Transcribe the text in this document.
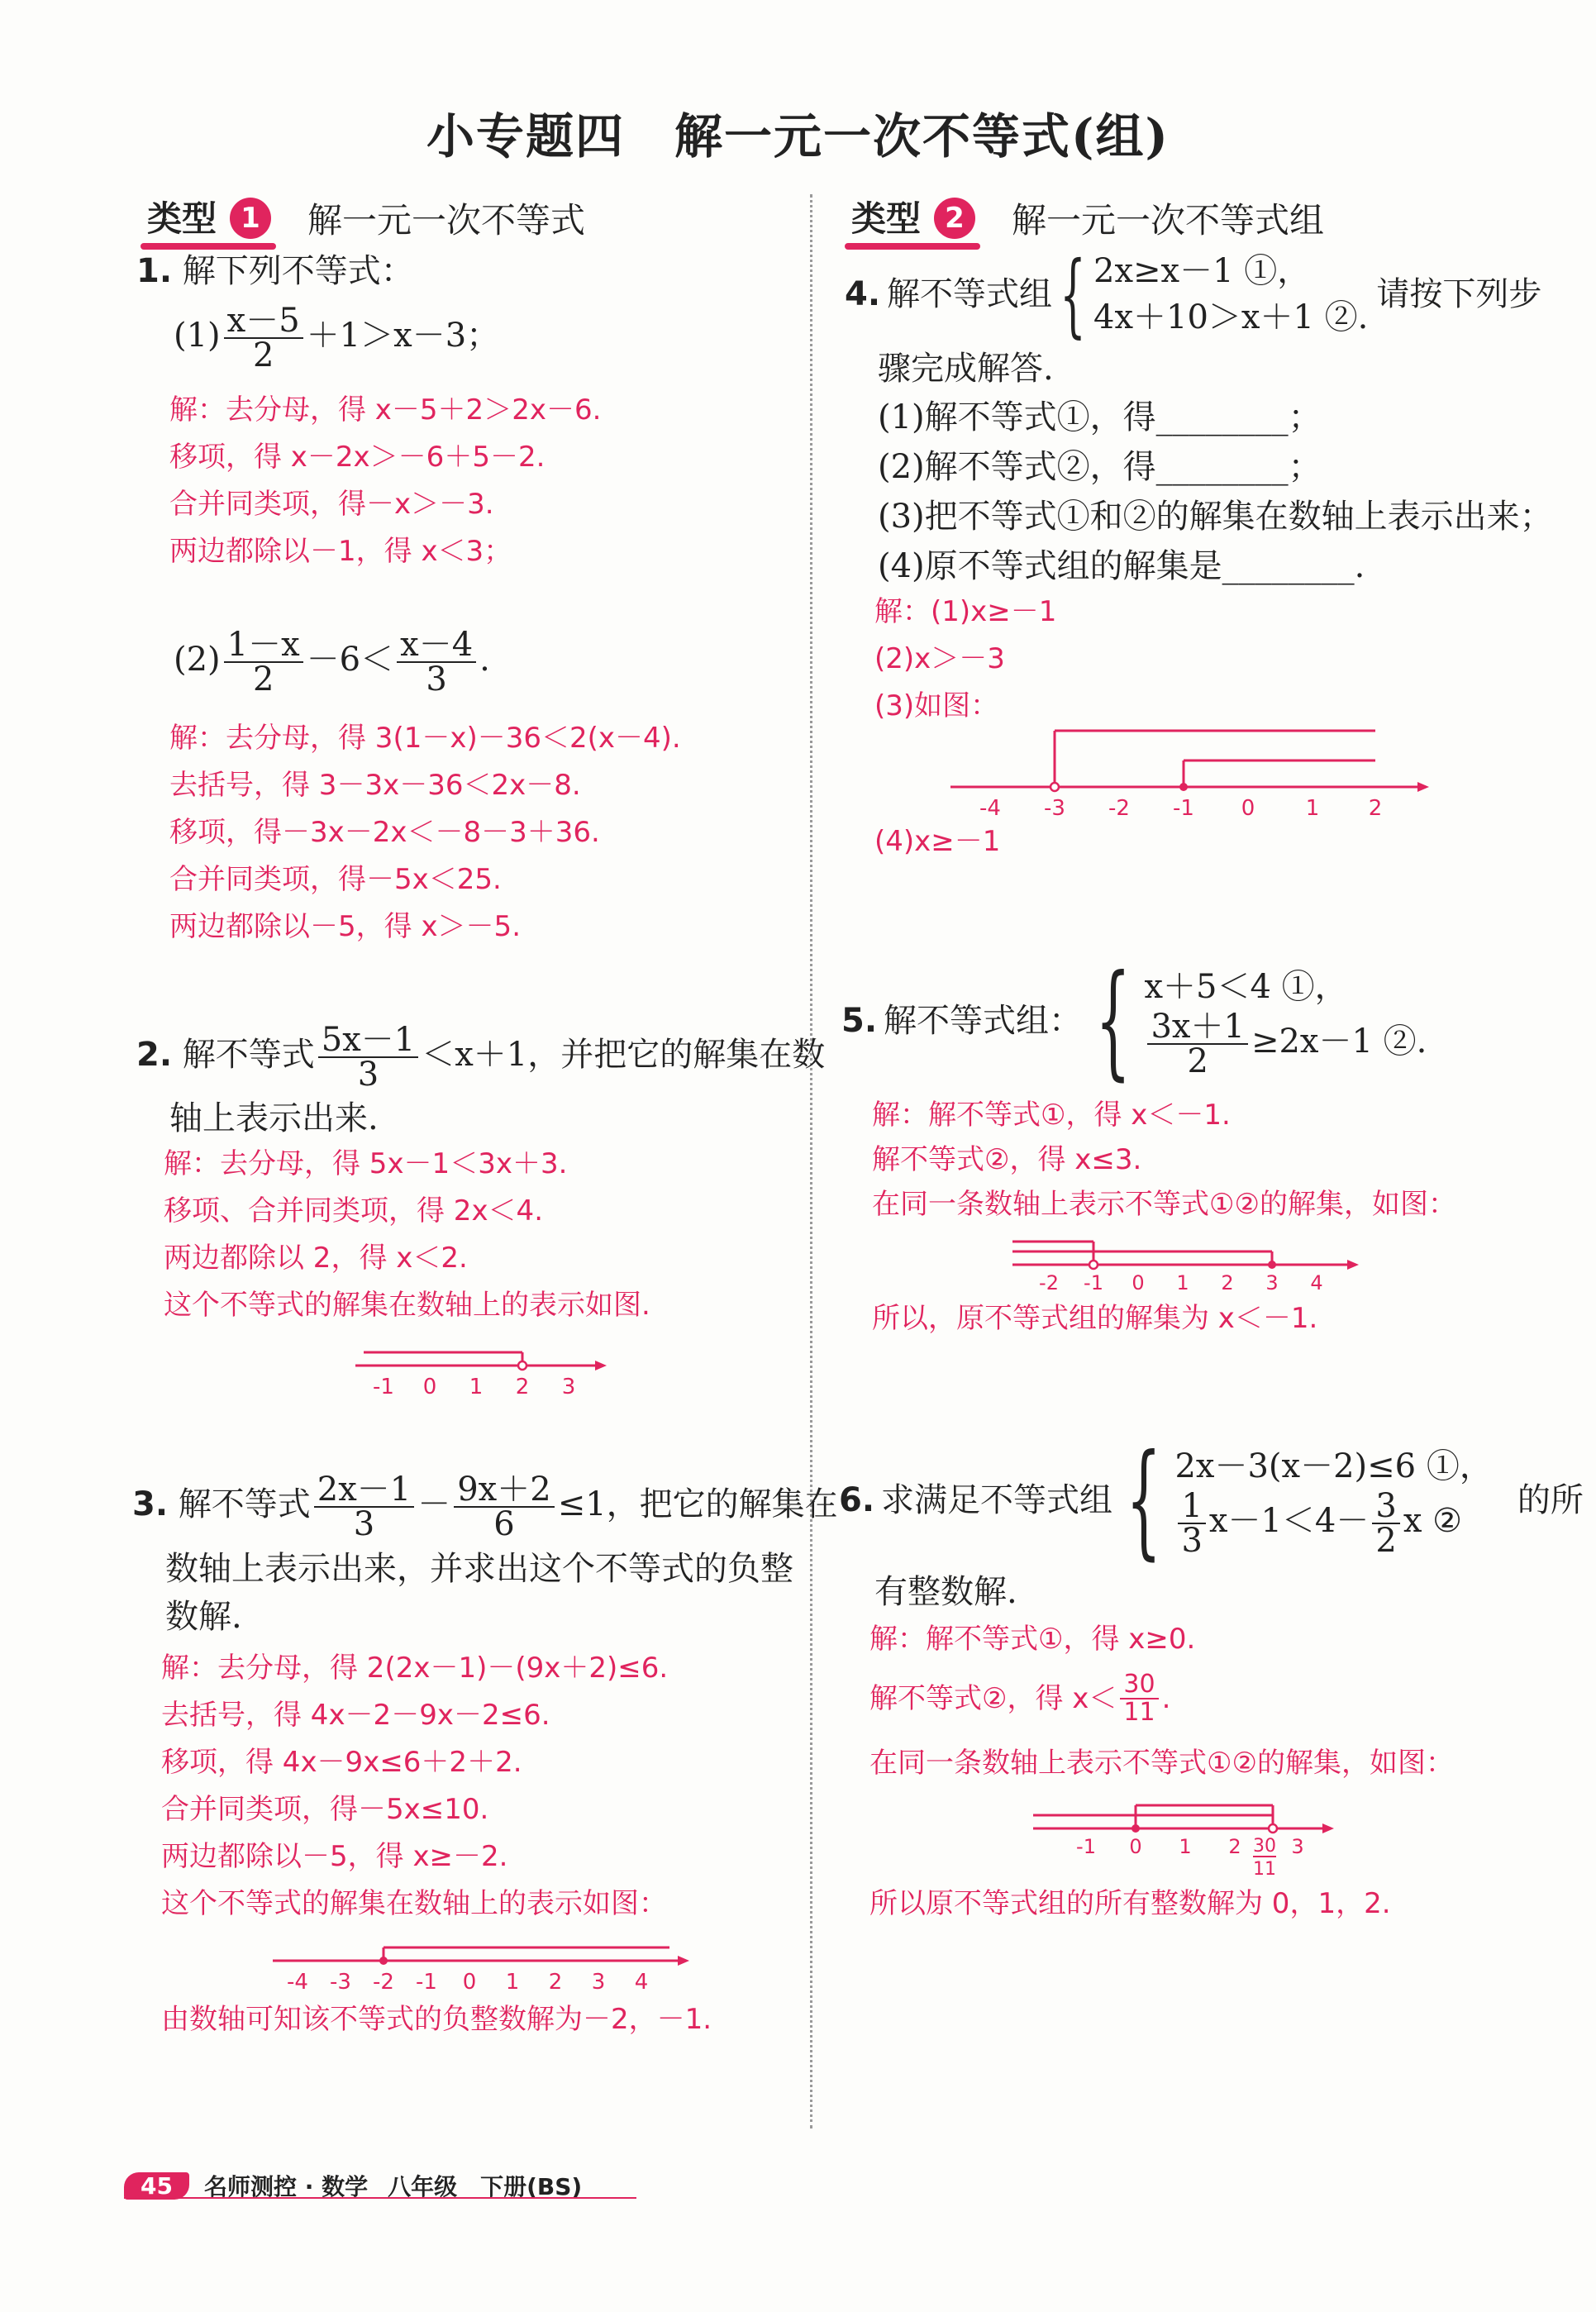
小专题四　解一元一次不等式(组)
类型 1	解一元一次不等式
1. 解下列不等式：
$(1) \frac{x-5}{2} +1>x-3$；
解：去分母，得 x－5＋2＞2x－6.
移项，得 x－2x＞－6＋5－2.
合并同类项，得－x＞－3.
两边都除以－1，得 x＜3；
$(2) \frac{1-x}{2} -6< \frac{x-4}{3}$ .
解：去分母，得 3(1－x)－36＜2(x－4).
去括号，得 3－3x－36＜2x－8.
移项，得－3x－2x＜－8－3＋36.
合并同类项，得－5x＜25.
两边都除以－5，得 x＞－5.
2. 解不等式 $\frac{5x-1}{3} <x+1$，并把它的解集在数
轴上表示出来.
解：去分母，得 5x－1＜3x＋3.
移项、合并同类项，得 2x＜4.
两边都除以 2，得 x＜2.
这个不等式的解集在数轴上的表示如图.
-1 0 1 2 3
3. 解不等式 $\frac{2x-1}{3} - \frac{9x+2}{6} \le 1$，把它的解集在
数轴上表示出来，并求出这个不等式的负整
数解.
解：去分母，得 2(2x－1)－(9x＋2)≤6.
去括号，得 4x－2－9x－2≤6.
移项，得 4x－9x≤6＋2＋2.
合并同类项，得－5x≤10.
两边都除以－5，得 x≥－2.
这个不等式的解集在数轴上的表示如图：
-4 -3 -2 -1 0 1 2 3 4
由数轴可知该不等式的负整数解为－2，－1.
类型 2	解一元一次不等式组
4. 解不等式组 { 2x≥x－1 ①，
4x＋10＞x＋1 ②.
请按下列步
骤完成解答.
(1)解不等式①，得________；
(2)解不等式②，得________；
(3)把不等式①和②的解集在数轴上表示出来；
(4)原不等式组的解集是________.
解：(1)x≥－1
(2)x＞－3
(3)如图：
-4 -3 -2 -1 0 1 2
(4)x≥－1
5. 解不等式组： { x＋5＜4 ①，
$\frac{3x+1}{2} \ge 2x-1$ ②.
解：解不等式①，得 x＜－1.
解不等式②，得 x≤3.
在同一条数轴上表示不等式①②的解集，如图：
-2 -1 0 1 2 3 4
所以，原不等式组的解集为 x＜－1.
6. 求满足不等式组 { 2x－3(x－2)≤6 ①，
$\frac{1}{3} x-1<4- \frac{3}{2}$ x ②
的所
有整数解.
解：解不等式①，得 x≥0.
解不等式②，得 $x< \frac{30}{11}$ .
在同一条数轴上表示不等式①②的解集，如图：
-1 0 1 2	3
30
11
所以原不等式组的所有整数解为 0，1，2.
45	名师测控 · 数学 八年级　下册(BS)
